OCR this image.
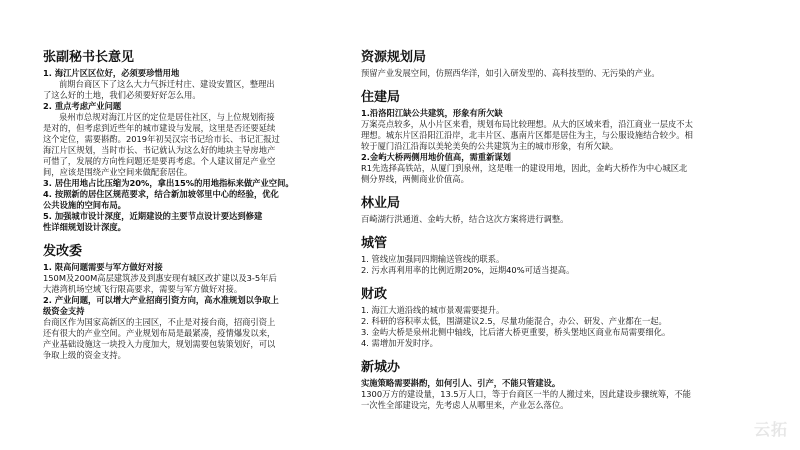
张副秘书长意见
1. 海江片区区位好，必须要珍惜用地
前期台商区下了这么大力气拆迁村庄、建设安置区，整理出
了这么好的土地，我们必须要好好怎么用。
2. 重点考虑产业问题
泉州市总规对海江片区的定位是居住社区，与上位规划衔接
是对的，但考虑到近些年的城市建设与发展，这里是否还要延续
这个定位，需要斟酌。2019年初吴汉宗书记给市长、书记汇报过
海江片区规划，当时市长、书记就认为这么好的地块主导房地产
可惜了，发展的方向性问题还是要再考虑。个人建议留足产业空
间，应该是围绕产业空间来做配套居住。
3. 居住用地占比压缩为20%，拿出15%的用地指标来做产业空间。
4. 按照新的居住区规范要求，结合新加坡邻里中心的经验，优化
公共设施的空间布局。
5. 加强城市设计深度，近期建设的主要节点设计要达到修建
性详细规划设计深度。
发改委
1. 限高问题需要与军方做好对接
150M及200M高层建筑涉及到惠安现有城区改扩建以及3-5年后
大港湾机场空域飞行限高要求，需要与军方做好对接。
2. 产业问题，可以增大产业招商引资方向，高水准规划以争取上
级资金支持
台商区作为国家高新区的主园区，不止是对接台商，招商引资上
还有很大的产业空间。产业规划布局是最紧凑，疫情爆发以来，
产业基础设施这一块投入力度加大，规划需要包装策划好，可以
争取上级的资金支持。
资源规划局
预留产业发展空间，仿照西华洋，如引入研发型的、高科技型的、无污染的产业。
住建局
1.沿洛阳江缺公共建筑，形象有所欠缺
万案亮点较多，从小片区来看，规划布局比较理想。从大的区域来看，沿江商业一层皮不太
理想。城东片区沿阳江沿岸，北丰片区、惠南片区都是居住为主，与公服设施结合较少。相
较于厦门沿江沿海以美轮美奂的公共建筑为主的城市形象，有所欠缺。
2.金屿大桥两侧用地价值高，需重新谋划
R1先选择高铁站，从厦门到泉州，这是唯一的建设用地，因此，金屿大桥作为中心城区北
侧分界线，两侧商业价值高。
林业局
百崎湖行洪通道、金屿大桥，结合这次方案将进行调整。
城管
1. 管线应加强同四期输送管线的联系。
2. 污水再利用率的比例近期20%，远期40%可适当提高。
财政
1. 海江大道沿线的城市景观需要提升。
2. 科研的容积率太低，围湖建议2.5，尽量功能混合，办公、研发、产业都在一起。
3. 金屿大桥是泉州北侧中轴线，比后渚大桥更重要，桥头堡地区商业布局需要细化。
4. 需增加开发时序。
新城办
实施策略需要斟酌，如何引人、引产，不能只管建设。
1300万方的建设量，13.5万人口，等于台商区一半的人搬过来，因此建设步骤统筹，不能
一次性全部建设完，先考虑人从哪里来，产业怎么落位。
云拓
